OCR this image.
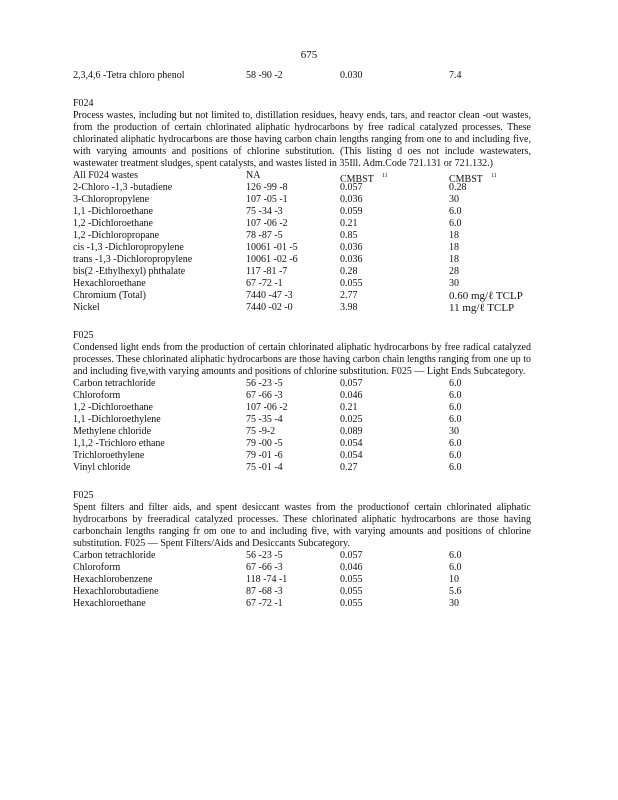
675
2,3,4,6 -Tetra chloro phenol	58 -90 -2	0.030	7.4
F024
Process wastes, including but not limited to, distillation residues, heavy ends, tars, and reactor clean -out wastes, from the production of certain chlorinated aliphatic hydrocarbons by free radical catalyzed processes. These chlorinated aliphatic hydrocarbons are those having carbon chain lengths ranging from one to and including five, with varying amounts and positions of chlorine substitution. (This listing d oes not include wastewaters, wastewater treatment sludges, spent catalysts, and wastes listed in 35Ill. Adm.Code 721.131 or 721.132.)
All F024 wastes	NA	CMBST $^{11}$	CMBST $^{11}$
2-Chloro -1,3 -butadiene	126 -99 -8	0.057	0.28
3-Chloropropylene	107 -05 -1	0.036	30
1,1 -Dichloroethane	75 -34 -3	0.059	6.0
1,2 -Dichloroethane	107 -06 -2	0.21	6.0
1,2 -Dichloropropane	78 -87 -5	0.85	18
cis -1,3 -Dichloropropylene	10061 -01 -5	0.036	18
trans -1,3 -Dichloropropylene	10061 -02 -6	0.036	18
bis(2 -Ethylhexyl) phthalate	117 -81 -7	0.28	28
Hexachloroethane	67 -72 -1	0.055	30
Chromium (Total)	7440 -47 -3	2.77	0.60 mg/ℓ TCLP
Nickel	7440 -02 -0	3.98	11 mg/ℓ TCLP
F025
Condensed light ends from the production of certain chlorinated aliphatic hydrocarbons by free radical catalyzed processes. These chlorinated aliphatic hydrocarbons are those having carbon chain lengths ranging from one up to and including five,with varying amounts and positions of chlorine substitution. F025 — Light Ends Subcategory.
Carbon tetrachloride	56 -23 -5	0.057	6.0
Chloroform	67 -66 -3	0.046	6.0
1,2 -Dichloroethane	107 -06 -2	0.21	6.0
1,1 -Dichloroethylene	75 -35 -4	0.025	6.0
Methylene chloride	75 -9-2	0.089	30
1,1,2 -Trichloro ethane	79 -00 -5	0.054	6.0
Trichloroethylene	79 -01 -6	0.054	6.0
Vinyl chloride	75 -01 -4	0.27	6.0
F025
Spent filters and filter aids, and spent desiccant wastes from the productionof certain chlorinated aliphatic hydrocarbons by freeradical catalyzed processes. These chlorinated aliphatic hydrocarbons are those having carbonchain lengths ranging fr om one to and including five, with varying amounts and positions of chlorine substitution. F025 — Spent Filters/Aids and Desiccants Subcategory.
Carbon tetrachloride	56 -23 -5	0.057	6.0
Chloroform	67 -66 -3	0.046	6.0
Hexachlorobenzene	118 -74 -1	0.055	10
Hexachlorobutadiene	87 -68 -3	0.055	5.6
Hexachloroethane	67 -72 -1	0.055	30
